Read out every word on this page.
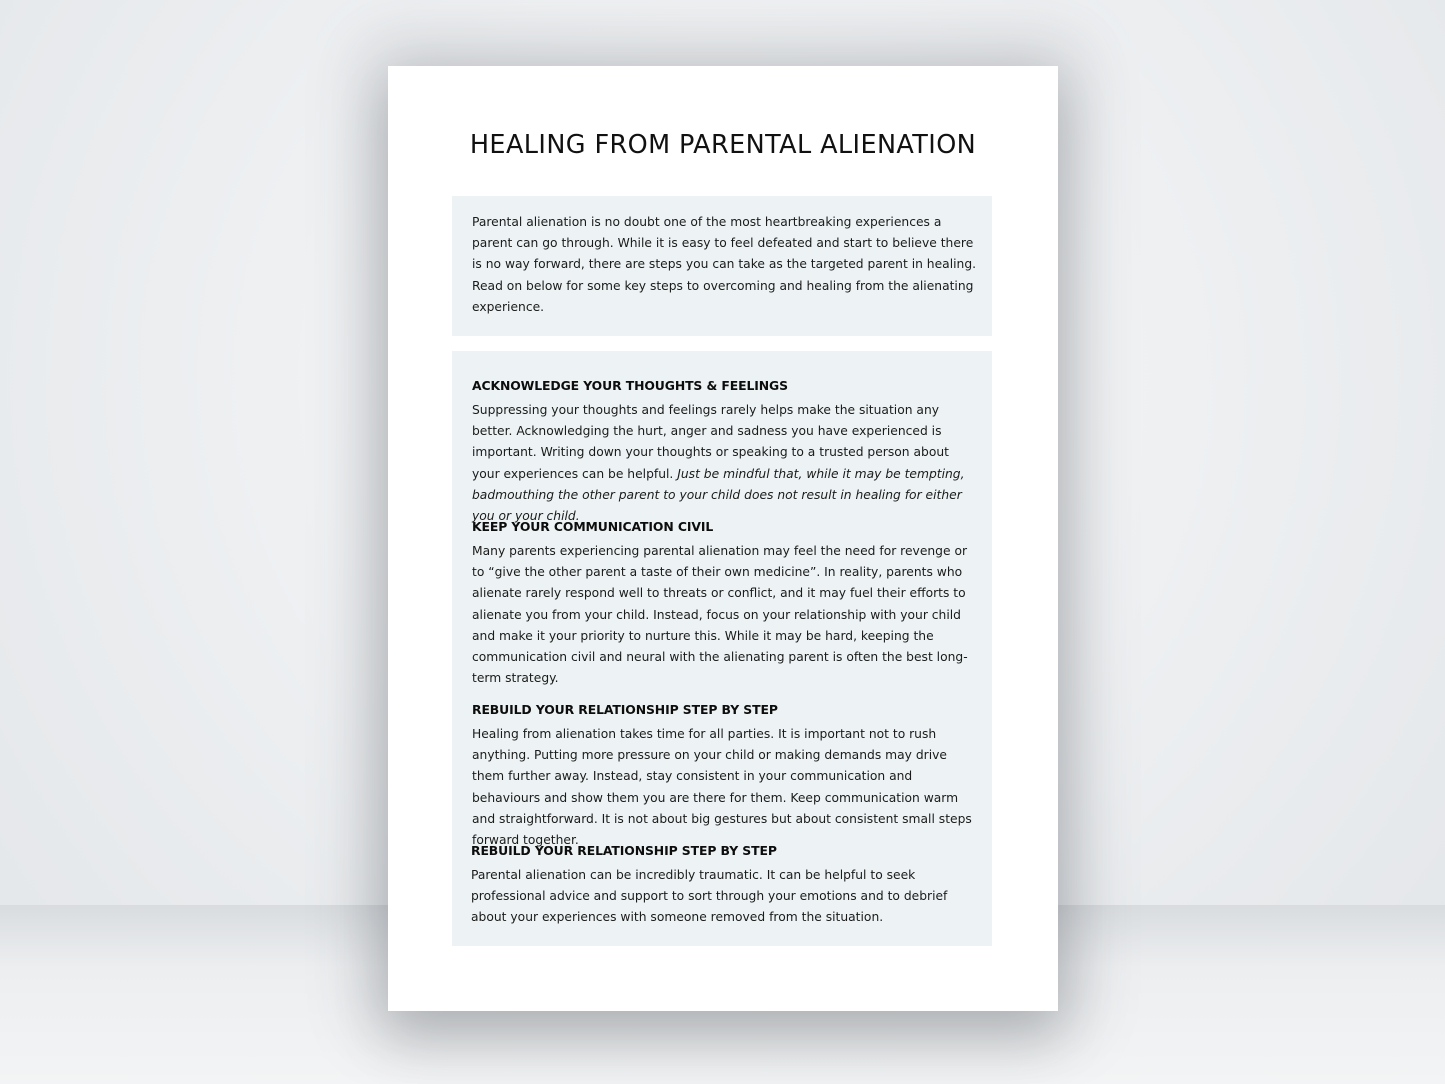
HEALING FROM PARENTAL ALIENATION

Parental alienation is no doubt one of the most heartbreaking experiences a parent can go through. While it is easy to feel defeated and start to believe there is no way forward, there are steps you can take as the targeted parent in healing. Read on below for some key steps to overcoming and healing from the alienating experience.

ACKNOWLEDGE YOUR THOUGHTS & FEELINGS

Suppressing your thoughts and feelings rarely helps make the situation any better. Acknowledging the hurt, anger and sadness you have experienced is important. Writing down your thoughts or speaking to a trusted person about your experiences can be helpful. Just be mindful that, while it may be tempting, badmouthing the other parent to your child does not result in healing for either you or your child.

KEEP YOUR COMMUNICATION CIVIL

Many parents experiencing parental alienation may feel the need for revenge or to “give the other parent a taste of their own medicine”. In reality, parents who alienate rarely respond well to threats or conflict, and it may fuel their efforts to alienate you from your child. Instead, focus on your relationship with your child and make it your priority to nurture this. While it may be hard, keeping the communication civil and neural with the alienating parent is often the best long-term strategy.

REBUILD YOUR RELATIONSHIP STEP BY STEP

Healing from alienation takes time for all parties. It is important not to rush anything. Putting more pressure on your child or making demands may drive them further away. Instead, stay consistent in your communication and behaviours and show them you are there for them. Keep communication warm and straightforward. It is not about big gestures but about consistent small steps forward together.

REBUILD YOUR RELATIONSHIP STEP BY STEP

Parental alienation can be incredibly traumatic. It can be helpful to seek professional advice and support to sort through your emotions and to debrief about your experiences with someone removed from the situation.
